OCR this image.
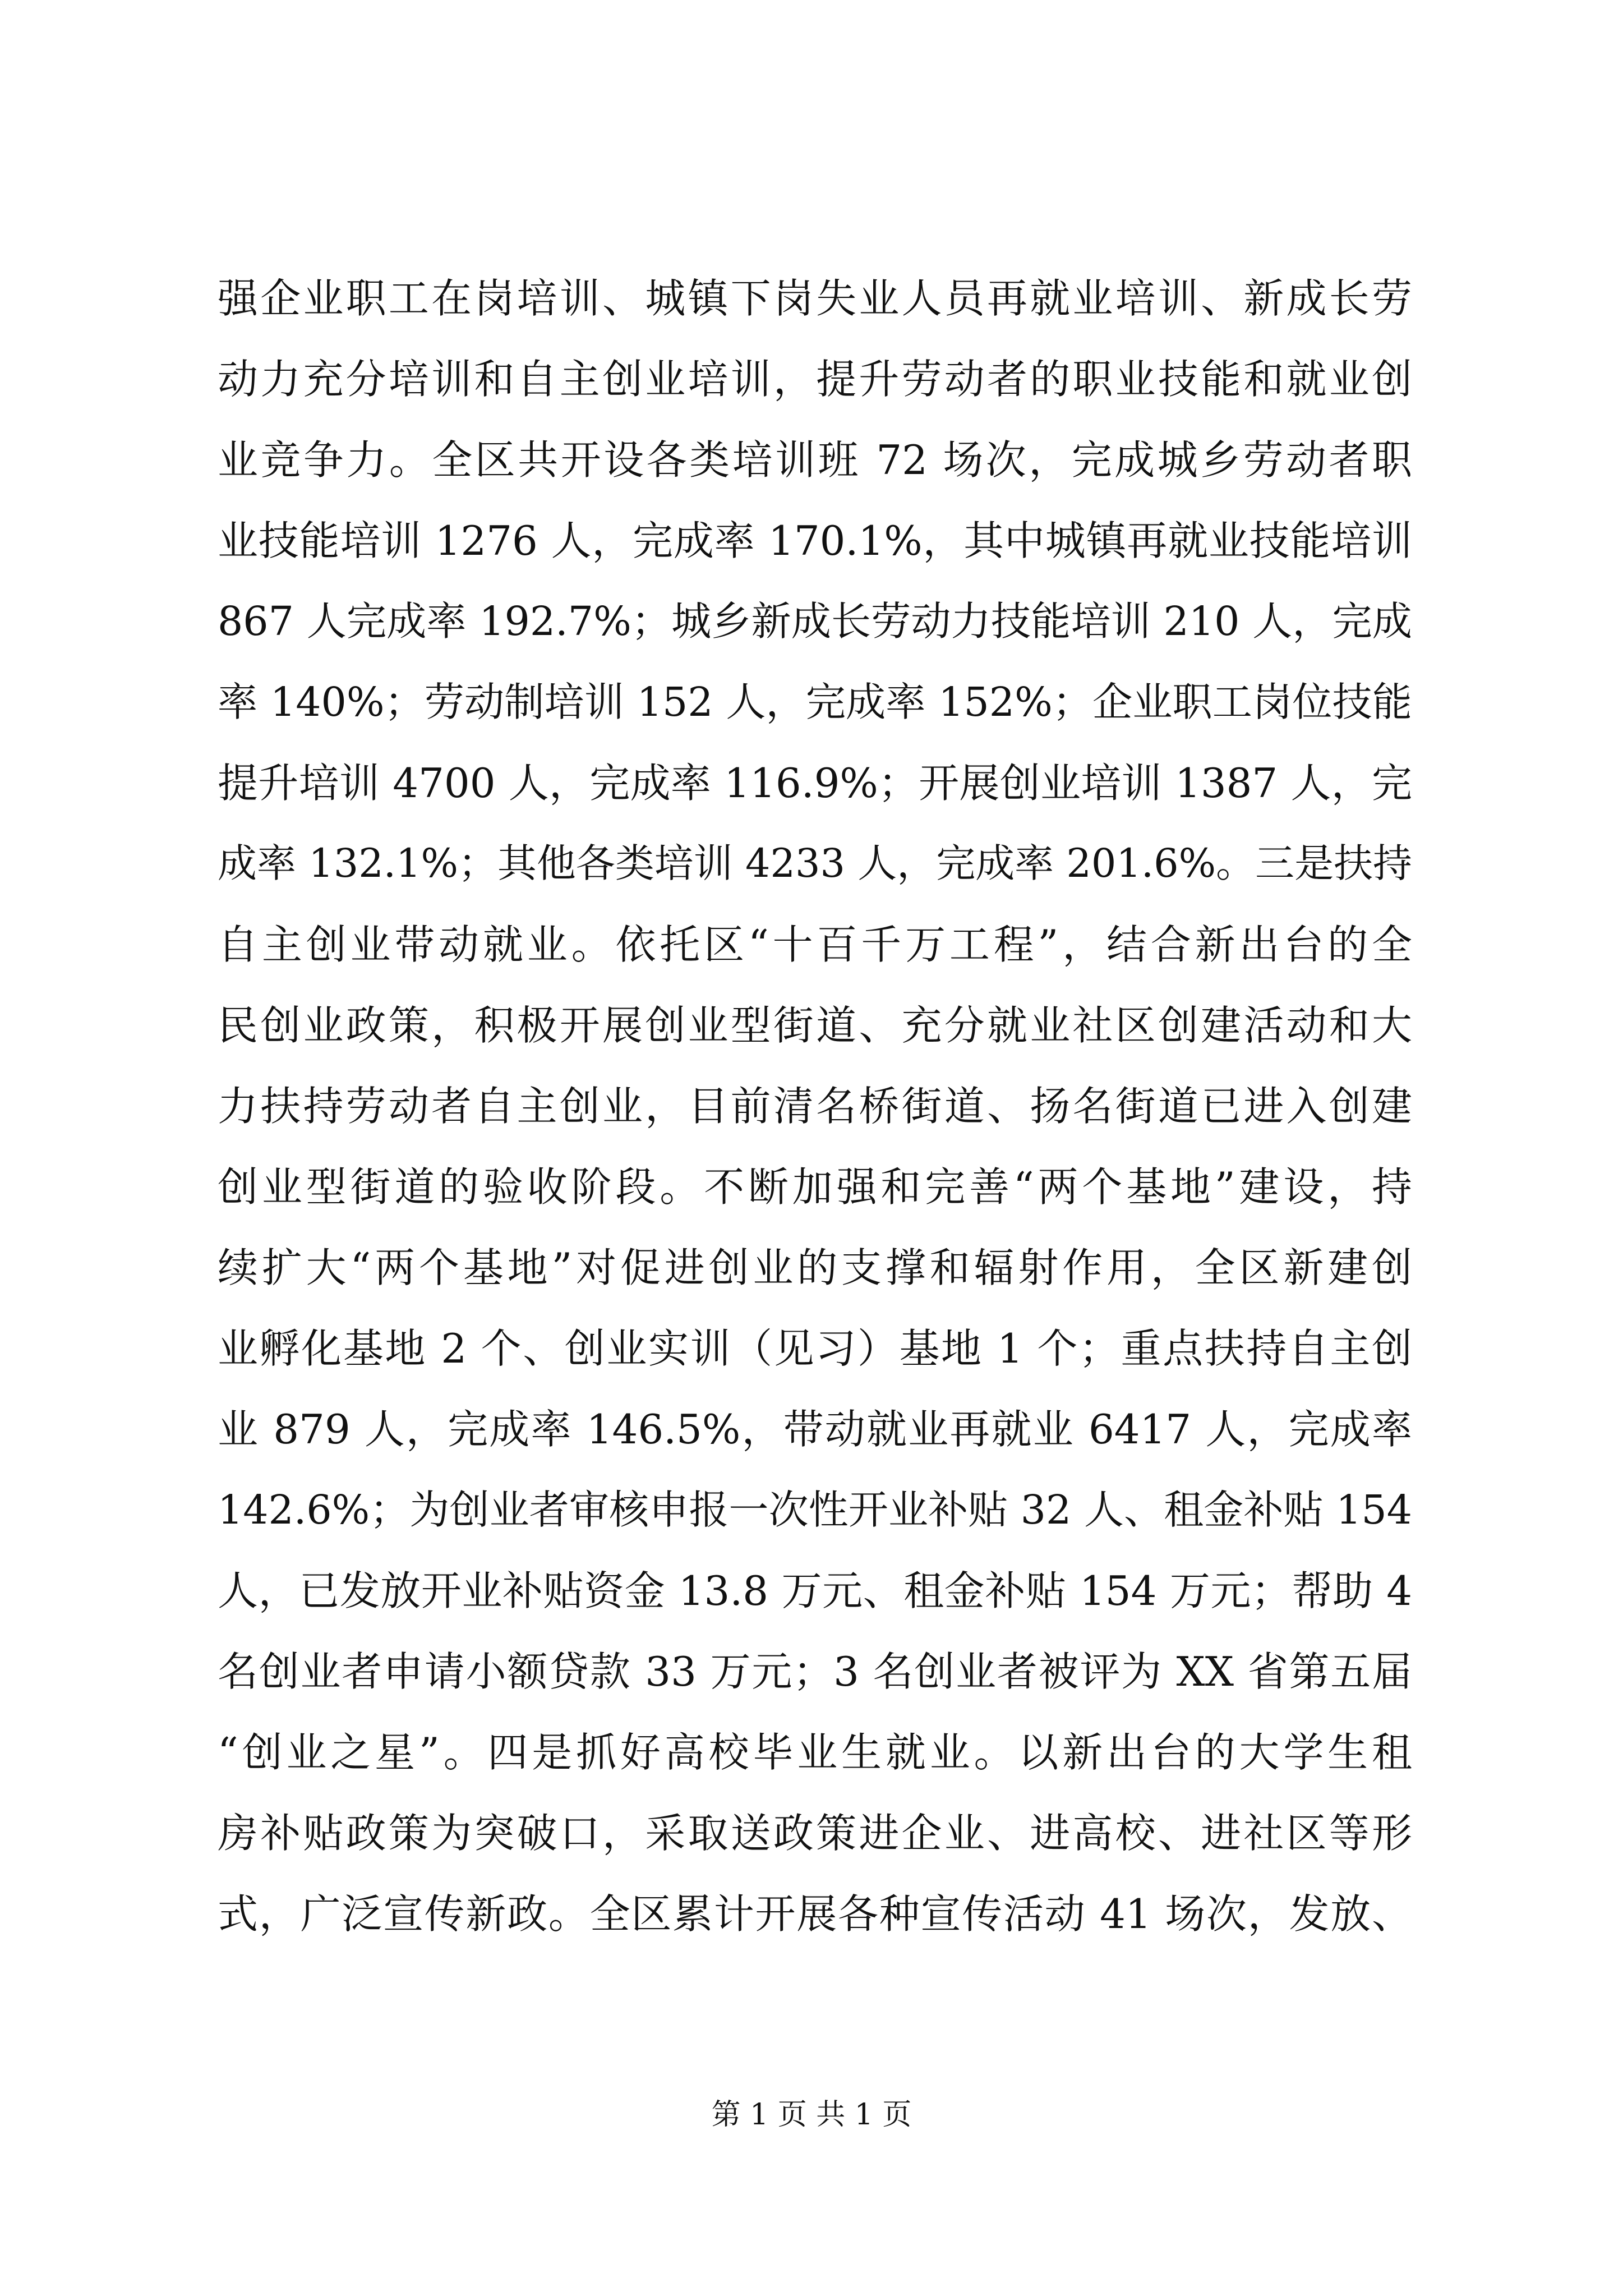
强企业职工在岗培训、城镇下岗失业人员再就业培训、新成长劳
动力充分培训和自主创业培训，提升劳动者的职业技能和就业创
业竞争力。全区共开设各类培训班 72 场次，完成城乡劳动者职
业技能培训 1276 人，完成率 170.1%，其中城镇再就业技能培训
867 人完成率 192.7%；城乡新成长劳动力技能培训 210 人，完成
率 140%；劳动制培训 152 人，完成率 152%；企业职工岗位技能
提升培训 4700 人，完成率 116.9%；开展创业培训 1387 人，完
成率 132.1%；其他各类培训 4233 人，完成率 201.6%。三是扶持
自主创业带动就业。依托区“十百千万工程”，结合新出台的全
民创业政策，积极开展创业型街道、充分就业社区创建活动和大
力扶持劳动者自主创业，目前清名桥街道、扬名街道已进入创建
创业型街道的验收阶段。不断加强和完善“两个基地”建设，持
续扩大“两个基地”对促进创业的支撑和辐射作用，全区新建创
业孵化基地 2 个、创业实训（见习）基地 1 个；重点扶持自主创
业 879 人，完成率 146.5%，带动就业再就业 6417 人，完成率
142.6%；为创业者审核申报一次性开业补贴 32 人、租金补贴 154
人，已发放开业补贴资金 13.8 万元、租金补贴 154 万元；帮助 4
名创业者申请小额贷款 33 万元；3 名创业者被评为 XX 省第五届
“创业之星”。四是抓好高校毕业生就业。以新出台的大学生租
房补贴政策为突破口，采取送政策进企业、进高校、进社区等形
式，广泛宣传新政。全区累计开展各种宣传活动 41 场次，发放、
第 1 页 共 1 页
